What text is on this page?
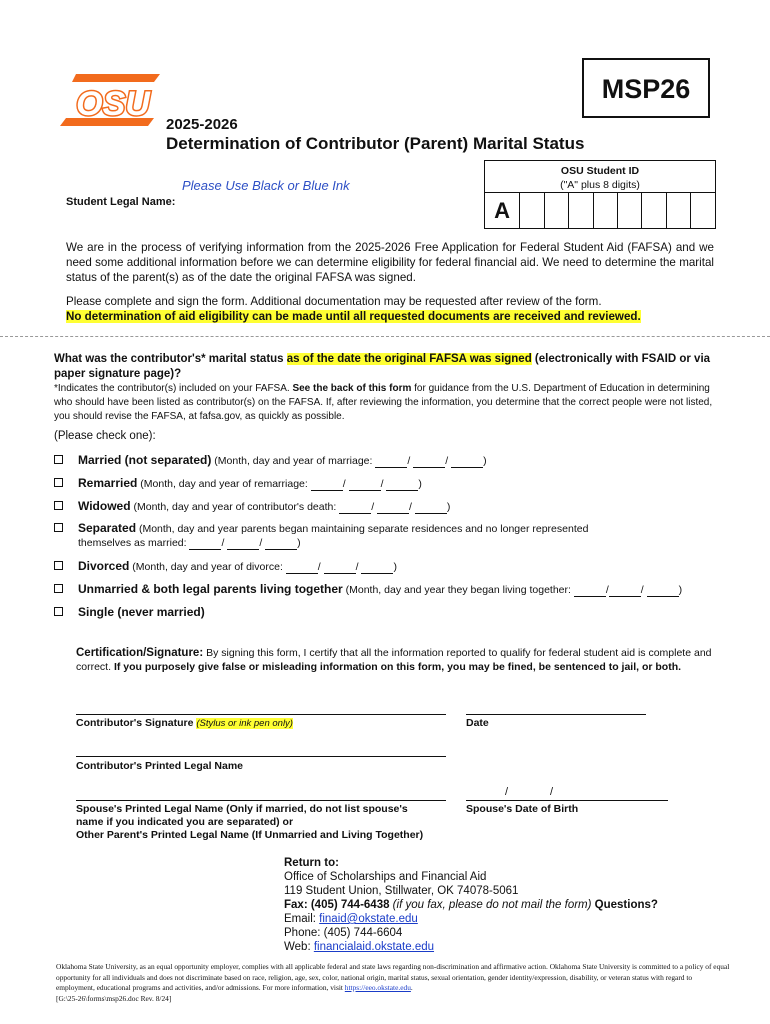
OSU	MSP26
2025-2026
Determination of Contributor (Parent) Marital Status
Please Use Black or Blue Ink
Student Legal Name:
OSU Student ID
("A" plus 8 digits)
A
We are in the process of verifying information from the 2025-2026 Free Application for Federal Student Aid (FAFSA) and we need some additional information before we can determine eligibility for federal financial aid. We need to determine the marital status of the parent(s) as of the date the original FAFSA was signed.
Please complete and sign the form. Additional documentation may be requested after review of the form.
No determination of aid eligibility can be made until all requested documents are received and reviewed.
What was the contributor's* marital status as of the date the original FAFSA was signed (electronically with FSAID or via paper signature page)?
*Indicates the contributor(s) included on your FAFSA. See the back of this form for guidance from the U.S. Department of Education in determining who should have been listed as contributor(s) on the FAFSA. If, after reviewing the information, you determine that the correct people were not listed, you should revise the FAFSA, at fafsa.gov, as quickly as possible.
(Please check one):
Married (not separated) (Month, day and year of marriage:	/	/	)
Remarried (Month, day and year of remarriage:	/	/	)
Widowed (Month, day and year of contributor's death:	/	/	)
Separated (Month, day and year parents began maintaining separate residences and no longer represented
themselves as married:	/	/	)
Divorced (Month, day and year of divorce:	/	/	)
Unmarried & both legal parents living together (Month, day and year they began living together:	/	/	)
Single (never married)
Certification/Signature: By signing this form, I certify that all the information reported to qualify for federal student aid is complete and correct. If you purposely give false or misleading information on this form, you may be fined, be sentenced to jail, or both.
Contributor's Signature (Stylus or ink pen only)	Date
Contributor's Printed Legal Name
Spouse's Printed Legal Name (Only if married, do not list spouse's
name if you indicated you are separated) or
Other Parent's Printed Legal Name (If Unmarried and Living Together)
/	/
Spouse's Date of Birth
Return to:
Office of Scholarships and Financial Aid
119 Student Union, Stillwater, OK 74078-5061
Fax: (405) 744-6438 (if you fax, please do not mail the form) Questions?
Email: finaid@okstate.edu
Phone: (405) 744-6604
Web: financialaid.okstate.edu
Oklahoma State University, as an equal opportunity employer, complies with all applicable federal and state laws regarding non-discrimination and affirmative action. Oklahoma State University is committed to a policy of equal opportunity for all individuals and does not discriminate based on race, religion, age, sex, color, national origin, marital status, sexual orientation, gender identity/expression, disability, or veteran status with regard to employment, educational programs and activities, and/or admissions. For more information, visit https://eeo.okstate.edu.
[G:\25-26\forms\msp26.doc Rev. 8/24]
